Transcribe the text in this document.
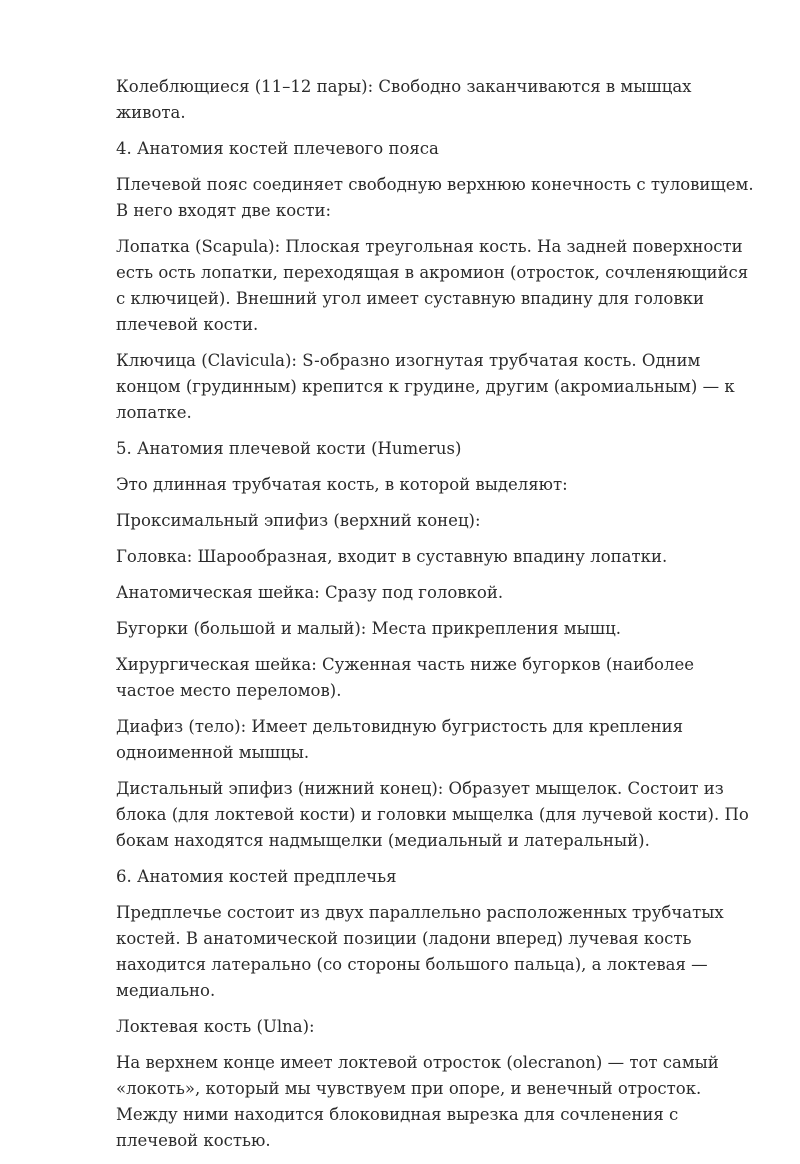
Колеблющиеся (11–12 пары): Свободно заканчиваются в мышцах живота.

4. Анатомия костей плечевого пояса

Плечевой пояс соединяет свободную верхнюю конечность с туловищем. В него входят две кости:

Лопатка (Scapula): Плоская треугольная кость. На задней поверхности есть ость лопатки, переходящая в акромион (отросток, сочленяющийся с ключицей). Внешний угол имеет суставную впадину для головки плечевой кости.

Ключица (Clavicula): S-образно изогнутая трубчатая кость. Одним концом (грудинным) крепится к грудине, другим (акромиальным) — к лопатке.

5. Анатомия плечевой кости (Humerus)

Это длинная трубчатая кость, в которой выделяют:

Проксимальный эпифиз (верхний конец):

Головка: Шарообразная, входит в суставную впадину лопатки.

Анатомическая шейка: Сразу под головкой.

Бугорки (большой и малый): Места прикрепления мышц.

Хирургическая шейка: Суженная часть ниже бугорков (наиболее частое место переломов).

Диафиз (тело): Имеет дельтовидную бугристость для крепления одноименной мышцы.

Дистальный эпифиз (нижний конец): Образует мыщелок. Состоит из блока (для локтевой кости) и головки мыщелка (для лучевой кости). По бокам находятся надмыщелки (медиальный и латеральный).

6. Анатомия костей предплечья

Предплечье состоит из двух параллельно расположенных трубчатых костей. В анатомической позиции (ладони вперед) лучевая кость находится латерально (со стороны большого пальца), а локтевая — медиально.

Локтевая кость (Ulna):

На верхнем конце имеет локтевой отросток (olecranon) — тот самый «локоть», который мы чувствуем при опоре, и венечный отросток. Между ними находится блоковидная вырезка для сочленения с плечевой костью.
